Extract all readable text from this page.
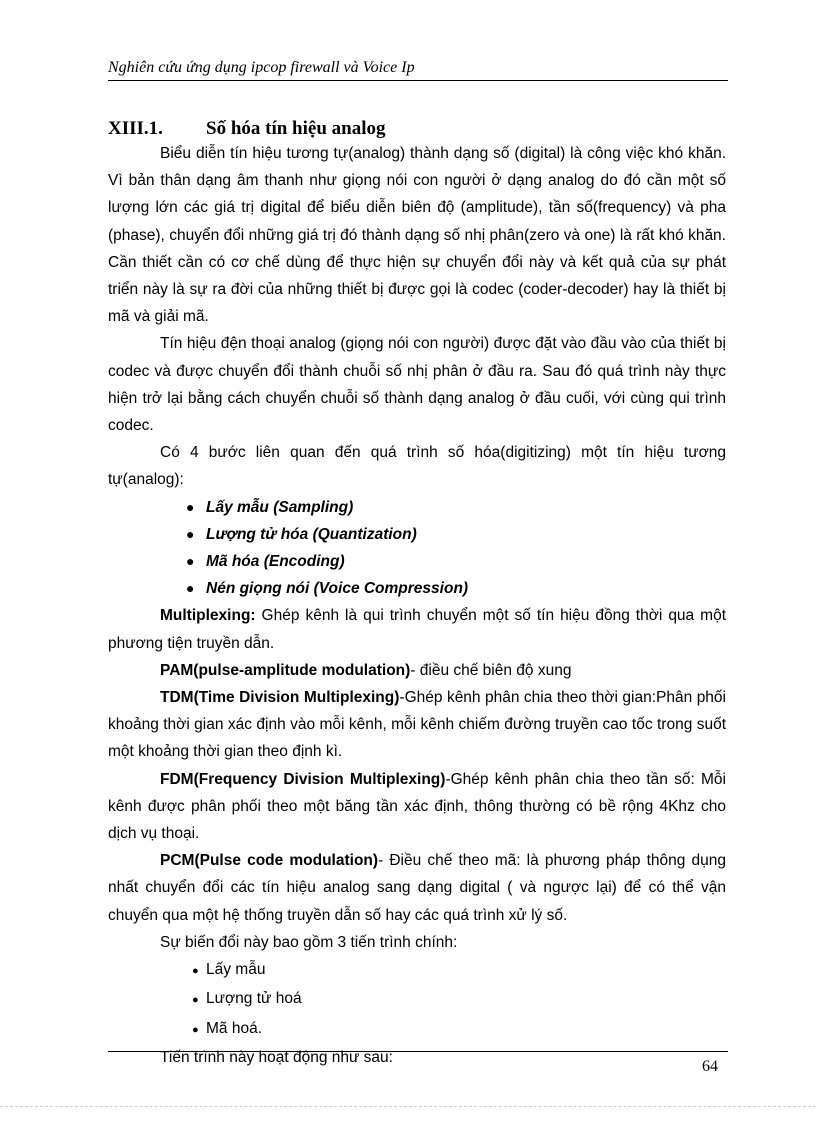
Nghiên cứu ứng dụng ipcop firewall và Voice Ip
XIII.1.	Số hóa tín hiệu analog

Biểu diễn tín hiệu tương tự(analog) thành dạng số (digital) là công việc khó khăn. Vì bản thân dạng âm thanh như giọng nói con người ở dạng analog do đó cần một số lượng lớn các giá trị digital để biểu diễn biên độ (amplitude), tần số(frequency) và pha (phase), chuyển đổi những giá trị đó thành dạng số nhị phân(zero và one) là rất khó khăn. Cần thiết cần có cơ chế dùng để thực hiện sự chuyển đổi này và kết quả của sự phát triển này là sự ra đời của những thiết bị được gọi là codec (coder-decoder) hay là thiết bị mã và giải mã.

Tín hiệu đện thoại analog (giọng nói con người) được đặt vào đầu vào của thiết bị codec và được chuyển đổi thành chuỗi số nhị phân ở đầu ra. Sau đó quá trình này thực hiện trở lại bằng cách chuyển chuỗi số thành dạng analog ở đầu cuối, với cùng qui trình codec.

Có 4 bước liên quan đến quá trình số hóa(digitizing) một tín hiệu tương tự(analog):

● Lấy mẫu (Sampling)
● Lượng tử hóa (Quantization)
● Mã hóa (Encoding)
● Nén giọng nói (Voice Compression)

Multiplexing: Ghép kênh là qui trình chuyển một số tín hiệu đồng thời qua một phương tiện truyền dẫn.

PAM(pulse-amplitude modulation)- điều chế biên độ xung

TDM(Time Division Multiplexing)-Ghép kênh phân chia theo thời gian:Phân phối khoảng thời gian xác định vào mỗi kênh, mỗi kênh chiếm đường truyền cao tốc trong suốt một khoảng thời gian theo định kì.

FDM(Frequency Division Multiplexing)-Ghép kênh phân chia theo tần số: Mỗi kênh được phân phối theo một băng tần xác định, thông thường có bề rộng 4Khz cho dịch vụ thoại.

PCM(Pulse code modulation)- Điều chế theo mã: là phương pháp thông dụng nhất chuyển đổi các tín hiệu analog sang dạng digital ( và ngược lại) để có thể vận chuyển qua một hệ thống truyền dẫn số hay các quá trình xử lý số.

Sự biến đổi này bao gồm 3 tiến trình chính:

● Lấy mẫu
● Lượng tử hoá
● Mã hoá.

Tiến trình này hoạt động như sau:

64
